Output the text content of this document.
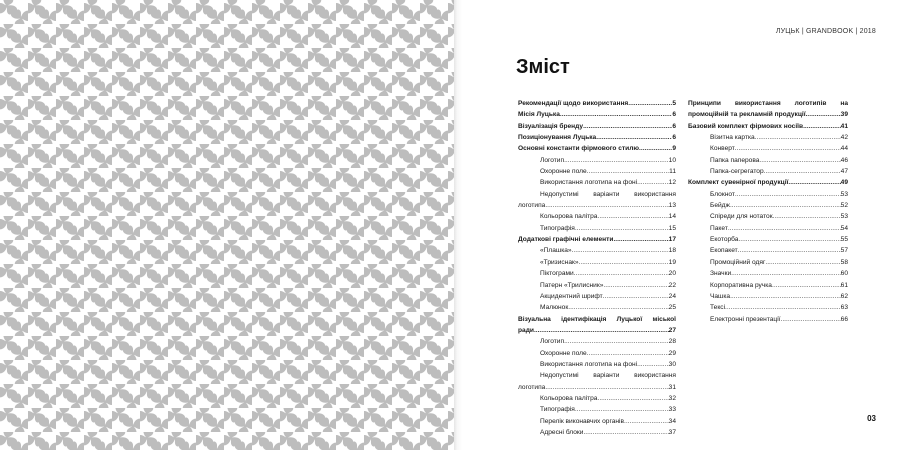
ЛУЦЬК | GRANDBOOK | 2018
Зміст
Рекомендації щодо використання .....	5
Місія Луцька .....	6
Візуалізація бренду .....	6
Позиціонування Луцька .....	6
Основні константи фірмового стилю .....	9
Логотип .....	10
Охоронне поле .....	11
Використання логотипа на фоні .....	12
Недопустимі варіанти використання
логотипа .....	13
Кольорова палітра .....	14
Типографія .....	15
Додаткові графічні елементи .....	17
«Плашка» .....	18
«Тризиснак» .....	19
Піктограми .....	20
Патерн «Трилисник» .....	22
Акцидентний шрифт .....	24
Малюнок .....	25
Візуальна ідентифікація Луцької міської
ради .....	27
Логотип .....	28
Охоронне поле .....	29
Використання логотипа на фоні .....	30
Недопустимі варіанти використання
логотипа .....	31
Кольорова палітра .....	32
Типографія .....	33
Перелік виконавчих органів .....	34
Адресні блоки .....	37
Принципи використання логотипів на
промоційній та рекламній продукції .....	39
Базовий комплект фірмових носіїв .....	41
Візитна картка .....	42
Конверт .....	44
Папка паперова .....	46
Папка-сегрегатор .....	47
Комплект сувенірної продукції .....	49
Блокнот .....	53
Бейдж .....	52
Спіреди для нотаток .....	53
Пакет .....	54
Екоторба .....	55
Екопакет .....	57
Промоційний одяг .....	58
Значки .....	60
Корпоративна ручка .....	61
Чашка .....	62
Тексі .....	63
Електронні презентації .....	66
03
